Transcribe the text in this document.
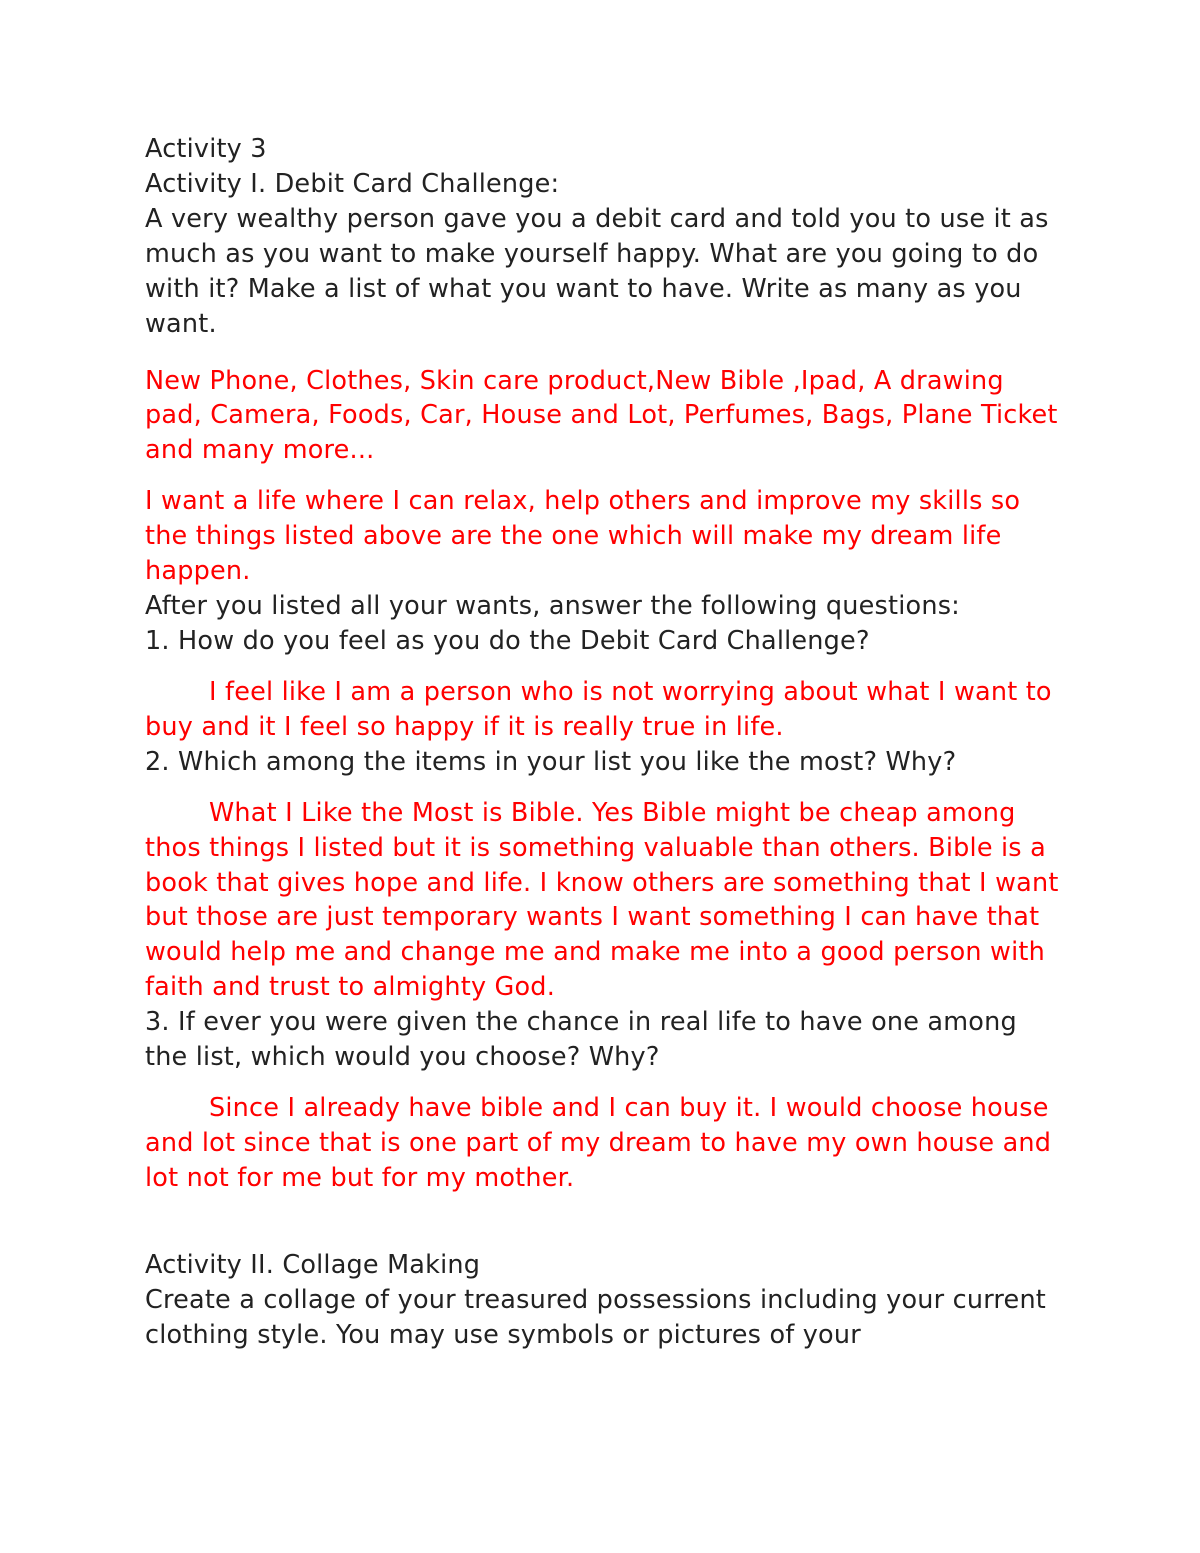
Activity 3

Activity I. Debit Card Challenge:

A very wealthy person gave you a debit card and told you to use it as much as you want to make yourself happy. What are you going to do with it? Make a list of what you want to have. Write as many as you want.

New Phone, Clothes, Skin care product,New Bible ,Ipad, A drawing pad, Camera, Foods, Car, House and Lot, Perfumes, Bags, Plane Ticket and many more...

I want a life where I can relax, help others and improve my skills so the things listed above are the one which will make my dream life happen.

After you listed all your wants, answer the following questions:

1. How do you feel as you do the Debit Card Challenge?

I feel like I am a person who is not worrying about what I want to buy and it I feel so happy if it is really true in life.

2. Which among the items in your list you like the most? Why?

What I Like the Most is Bible. Yes Bible might be cheap among thos things I listed but it is something valuable than others. Bible is a book that gives hope and life. I know others are something that I want but those are just temporary wants I want something I can have that would help me and change me and make me into a good person with faith and trust to almighty God.

3. If ever you were given the chance in real life to have one among the list, which would you choose? Why?

Since I already have bible and I can buy it. I would choose house and lot since that is one part of my dream to have my own house and lot not for me but for my mother.

Activity II. Collage Making

Create a collage of your treasured possessions including your current clothing style. You may use symbols or pictures of your
